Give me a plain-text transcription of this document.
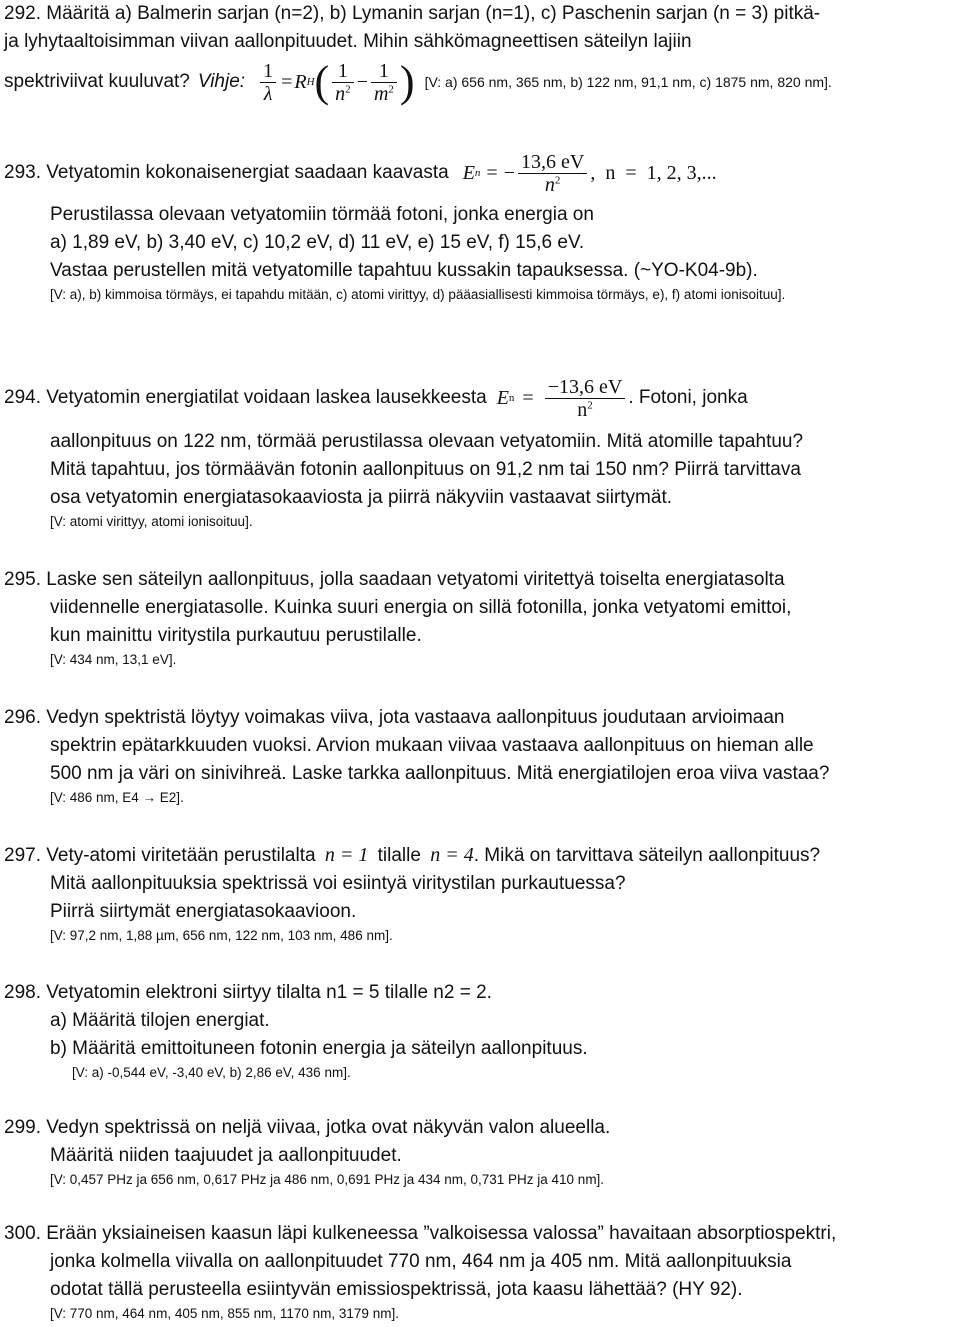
292. Määritä a) Balmerin sarjan (n=2), b) Lymanin sarjan (n=1), c) Paschenin sarjan (n = 3) pitkä-
ja lyhytaaltoisimman viivan aallonpituudet. Mihin sähkömagneettisen säteilyn lajiin
spektriviivat kuuluvat? Vihje: $\frac{1}{\lambda} = R$ H ( $\frac{1}{n^2} - \frac{1}{m^2}$ ) [V: a) 656 nm, 365 nm, b) 122 nm, 91,1 nm, c) 1875 nm, 820 nm].
293. Vetyatomin kokonaisenergiat saadaan kaavasta E n = − $\frac{13,6 eV}{n^2}$ ,  n  =  1, 2, 3,...
Perustilassa olevaan vetyatomiin törmää fotoni, jonka energia on
a) 1,89 eV, b) 3,40 eV, c) 10,2 eV, d) 11 eV, e) 15 eV, f) 15,6 eV.
Vastaa perustellen mitä vetyatomille tapahtuu kussakin tapauksessa. (~YO-K04-9b).
[V: a), b) kimmoisa törmäys, ei tapahdu mitään, c) atomi virittyy, d) pääasiallisesti kimmoisa törmäys, e), f) atomi ionisoituu].
294. Vetyatomin energiatilat voidaan laskea lausekkeesta E $n = \frac{-13,6 eV}{n^2}$ . Fotoni, jonka
aallonpituus on 122 nm, törmää perustilassa olevaan vetyatomiin. Mitä atomille tapahtuu?
Mitä tapahtuu, jos törmäävän fotonin aallonpituus on 91,2 nm tai 150 nm? Piirrä tarvittava
osa vetyatomin energiatasokaaviosta ja piirrä näkyviin vastaavat siirtymät.
[V: atomi virittyy, atomi ionisoituu].
295. Laske sen säteilyn aallonpituus, jolla saadaan vetyatomi viritettyä toiselta energiatasolta
viidennelle energiatasolle. Kuinka suuri energia on sillä fotonilla, jonka vetyatomi emittoi,
kun mainittu viritystila purkautuu perustilalle.
[V: 434 nm, 13,1 eV].
296. Vedyn spektristä löytyy voimakas viiva, jota vastaava aallonpituus joudutaan arvioimaan
spektrin epätarkkuuden vuoksi. Arvion mukaan viivaa vastaava aallonpituus on hieman alle
500 nm ja väri on sinivihreä. Laske tarkka aallonpituus. Mitä energiatilojen eroa viiva vastaa?
[V: 486 nm, E4 → E2].
297. Vety-atomi viritetään perustilalta n = 1 tilalle n = 4. Mikä on tarvittava säteilyn aallonpituus?
Mitä aallonpituuksia spektrissä voi esiintyä viritystilan purkautuessa?
Piirrä siirtymät energiatasokaavioon.
[V: 97,2 nm, 1,88 µm, 656 nm, 122 nm, 103 nm, 486 nm].
298. Vetyatomin elektroni siirtyy tilalta n1 = 5 tilalle n2 = 2.
a) Määritä tilojen energiat.
b) Määritä emittoituneen fotonin energia ja säteilyn aallonpituus.
[V: a) -0,544 eV, -3,40 eV, b) 2,86 eV, 436 nm].
299. Vedyn spektrissä on neljä viivaa, jotka ovat näkyvän valon alueella.
Määritä niiden taajuudet ja aallonpituudet.
[V: 0,457 PHz ja 656 nm, 0,617 PHz ja 486 nm, 0,691 PHz ja 434 nm, 0,731 PHz ja 410 nm].
300. Erään yksiaineisen kaasun läpi kulkeneessa ”valkoisessa valossa” havaitaan absorptiospektri,
jonka kolmella viivalla on aallonpituudet 770 nm, 464 nm ja 405 nm. Mitä aallonpituuksia
odotat tällä perusteella esiintyvän emissiospektrissä, jota kaasu lähettää? (HY 92).
[V: 770 nm, 464 nm, 405 nm, 855 nm, 1170 nm, 3179 nm].
